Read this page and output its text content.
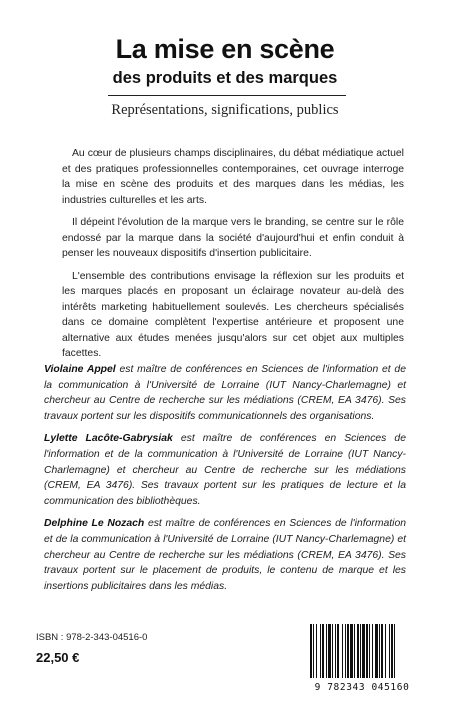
La mise en scène
des produits et des marques
Représentations, significations, publics

Au cœur de plusieurs champs disciplinaires, du débat médiatique actuel et des pratiques professionnelles contemporaines, cet ouvrage interroge la mise en scène des produits et des marques dans les médias, les industries culturelles et les arts.

Il dépeint l'évolution de la marque vers le branding, se centre sur le rôle endossé par la marque dans la société d'aujourd'hui et enfin conduit à penser les nouveaux dispositifs d'insertion publicitaire.

L'ensemble des contributions envisage la réflexion sur les produits et les marques placés en proposant un éclairage novateur au-delà des intérêts marketing habituellement soulevés. Les chercheurs spécialisés dans ce domaine complètent l'expertise antérieure et proposent une alternative aux études menées jusqu'alors sur cet objet aux multiples facettes.

Violaine Appel est maître de conférences en Sciences de l'information et de la communication à l'Université de Lorraine (IUT Nancy-Charlemagne) et chercheur au Centre de recherche sur les médiations (CREM, EA 3476). Ses travaux portent sur les dispositifs communicationnels des organisations.

Lylette Lacôte-Gabrysiak est maître de conférences en Sciences de l'information et de la communication à l'Université de Lorraine (IUT Nancy-Charlemagne) et chercheur au Centre de recherche sur les médiations (CREM, EA 3476). Ses travaux portent sur les pratiques de lecture et la communication des bibliothèques.

Delphine Le Nozach est maître de conférences en Sciences de l'information et de la communication à l'Université de Lorraine (IUT Nancy-Charlemagne) et chercheur au Centre de recherche sur les médiations (CREM, EA 3476). Ses travaux portent sur le placement de produits, le contenu de marque et les insertions publicitaires dans les médias.

ISBN : 978-2-343-04516-0
22,50 €
9 782343 045160
